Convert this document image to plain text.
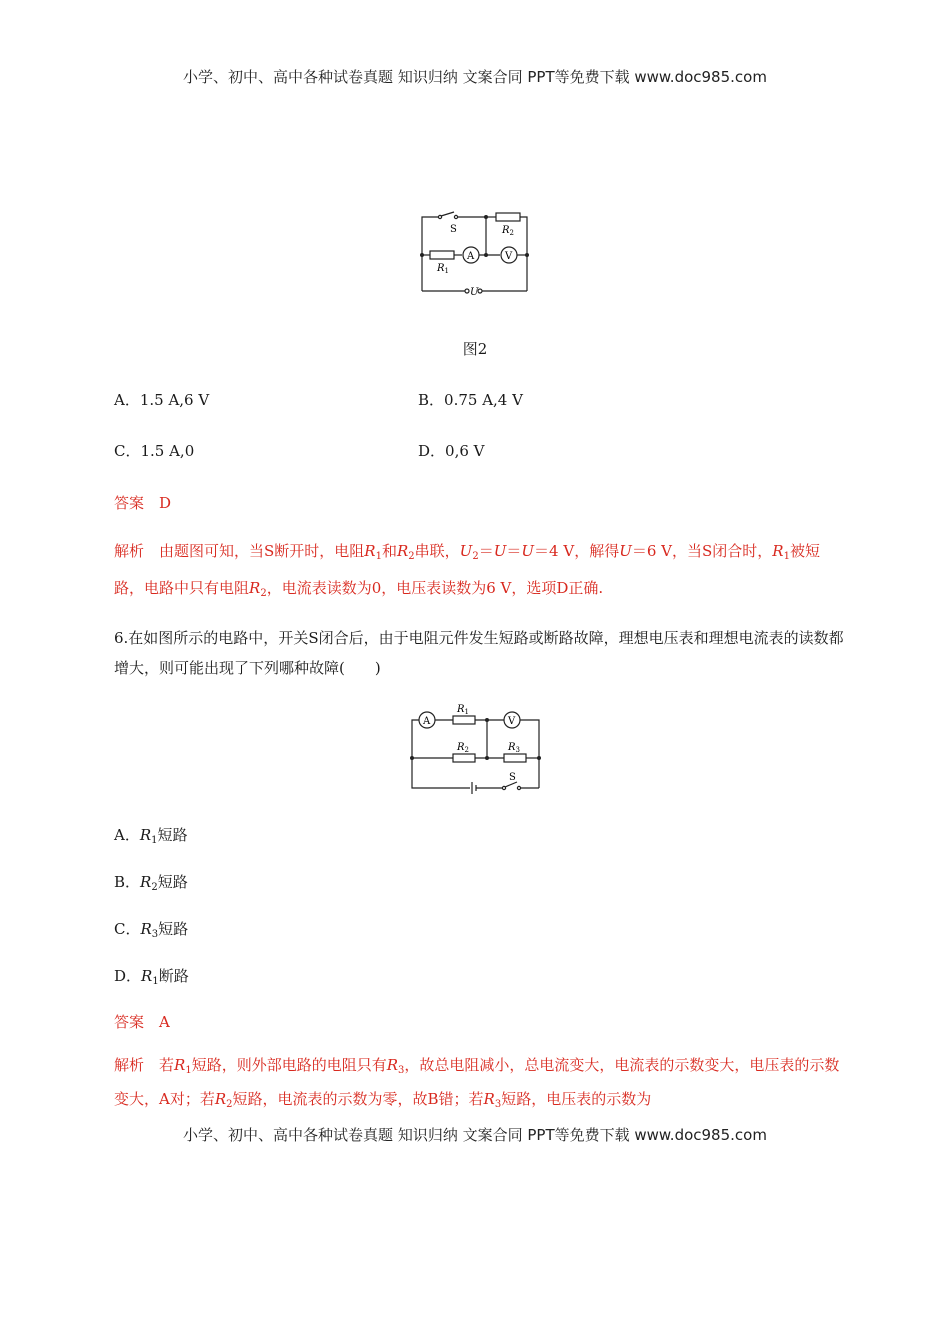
小学、初中、高中各种试卷真题 知识归纳 文案合同 PPT等免费下载 www.doc985.com
S
A	V
$R_1$
$R_2$
U
图2
A．1.5 A,6 V	B．0.75 A,4 V
C．1.5 A,0	D．0,6 V
答案　D
解析　由题图可知，当S断开时，电阻$R_1$和$R_2$串联，$U_2=U=U=4$ V，解得U＝6 V，当S闭合时，$R_1$被短路，电路中只有电阻$R_2$，电流表读数为0，电压表读数为6 V，选项D正确.
6.在如图所示的电路中，开关S闭合后，由于电阻元件发生短路或断路故障，理想电压表和理想电流表的读数都增大，则可能出现了下列哪种故障(　　)
A	V
$R_1$
$R_2$	$R_3$
S
A．$R_1$短路
B．$R_2$短路
C．$R_3$短路
D．$R_1$断路
答案　A
解析　若$R_1$短路，则外部电路的电阻只有$R_3$，故总电阻减小，总电流变大，电流表的示数变大，电压表的示数变大，A对；若$R_2$短路，电流表的示数为零，故B错；若$R_3$短路，电压表的示数为
小学、初中、高中各种试卷真题 知识归纳 文案合同 PPT等免费下载 www.doc985.com
